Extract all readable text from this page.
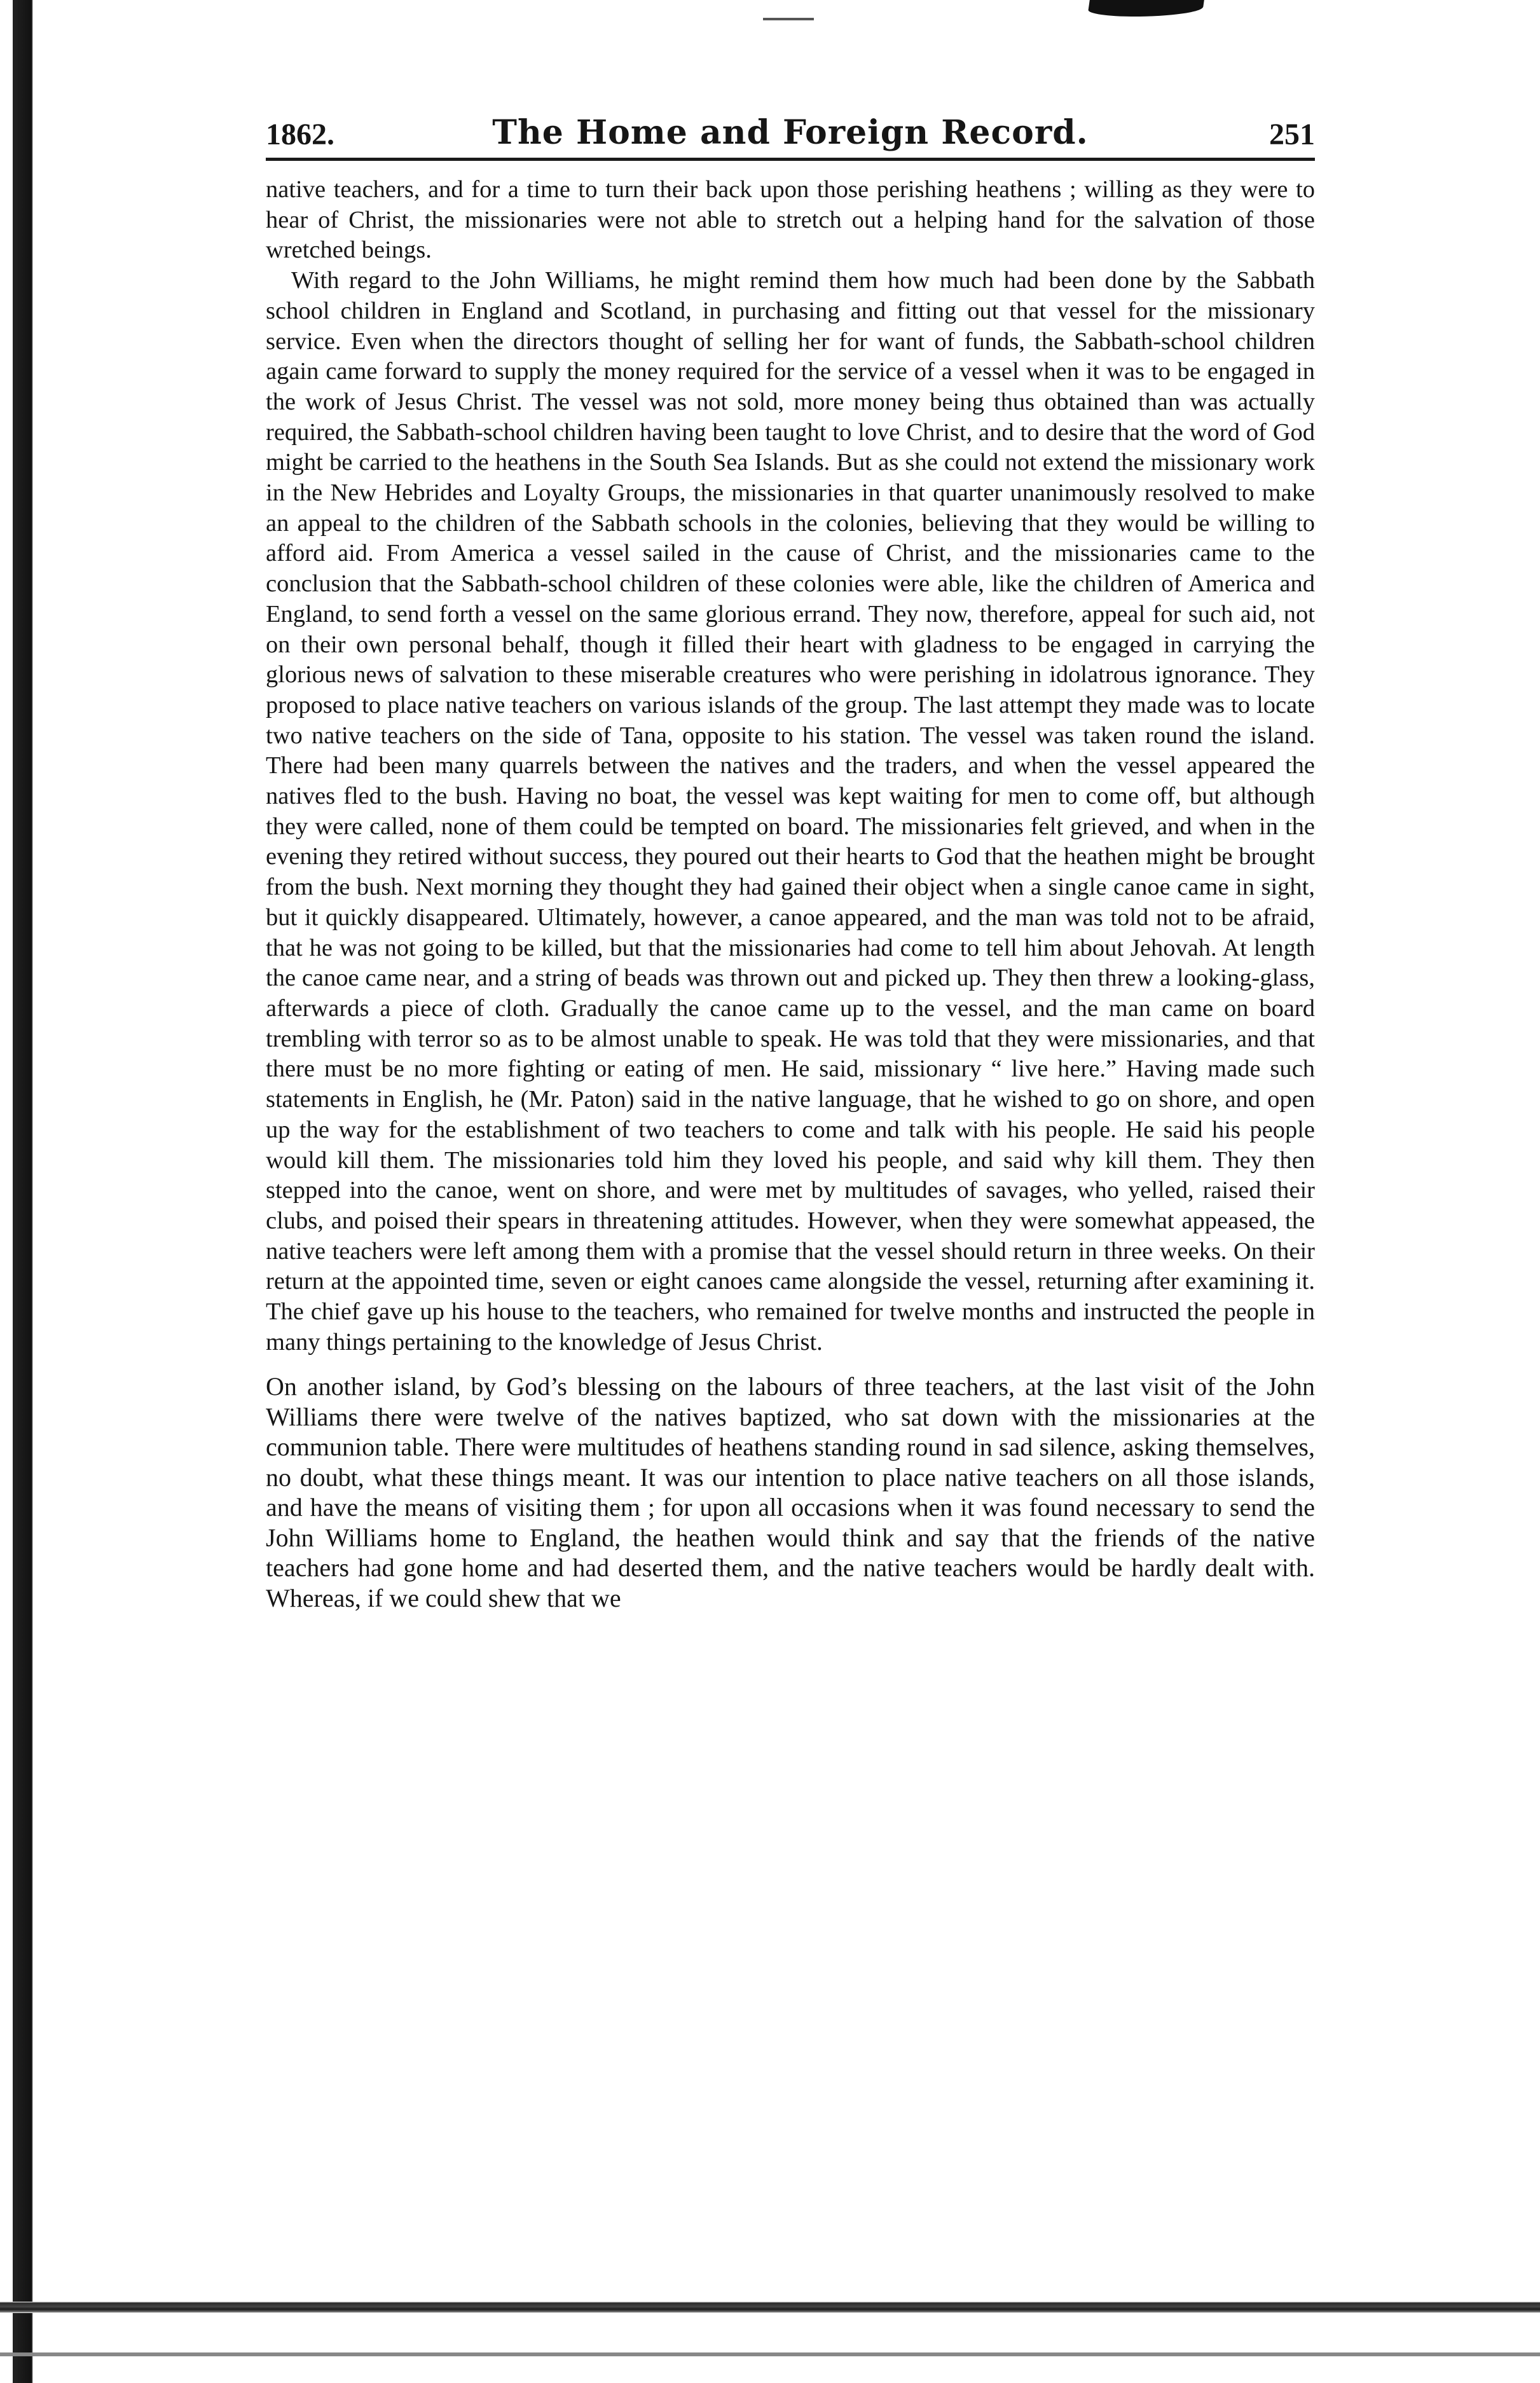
1862.	The Home and Foreign Record.	251

native teachers, and for a time to turn their back upon those perishing heathens ; willing as they were to hear of Christ, the missionaries were not able to stretch out a helping hand for the salvation of those wretched beings.

With regard to the John Williams, he might remind them how much had been done by the Sabbath school children in England and Scotland, in purchasing and fitting out that vessel for the missionary service. Even when the directors thought of selling her for want of funds, the Sabbath-school children again came forward to supply the money required for the service of a vessel when it was to be engaged in the work of Jesus Christ. The vessel was not sold, more money being thus obtained than was actually required, the Sabbath-school children having been taught to love Christ, and to desire that the word of God might be carried to the heathens in the South Sea Islands. But as she could not extend the missionary work in the New Hebrides and Loyalty Groups, the missionaries in that quarter unanimously resolved to make an appeal to the children of the Sabbath schools in the colonies, believing that they would be willing to afford aid. From America a vessel sailed in the cause of Christ, and the missionaries came to the conclusion that the Sabbath-school children of these colonies were able, like the children of America and England, to send forth a vessel on the same glorious errand. They now, therefore, appeal for such aid, not on their own personal behalf, though it filled their heart with gladness to be engaged in carrying the glorious news of salvation to these miserable creatures who were perishing in idolatrous ignorance. They proposed to place native teachers on various islands of the group. The last attempt they made was to locate two native teachers on the side of Tana, opposite to his station. The vessel was taken round the island. There had been many quarrels between the natives and the traders, and when the vessel appeared the natives fled to the bush. Having no boat, the vessel was kept waiting for men to come off, but although they were called, none of them could be tempted on board. The missionaries felt grieved, and when in the evening they retired without success, they poured out their hearts to God that the heathen might be brought from the bush. Next morning they thought they had gained their object when a single canoe came in sight, but it quickly disappeared. Ultimately, however, a canoe appeared, and the man was told not to be afraid, that he was not going to be killed, but that the missionaries had come to tell him about Jehovah. At length the canoe came near, and a string of beads was thrown out and picked up. They then threw a looking-glass, afterwards a piece of cloth. Gradually the canoe came up to the vessel, and the man came on board trembling with terror so as to be almost unable to speak. He was told that they were missionaries, and that there must be no more fighting or eating of men. He said, missionary “ live here.” Having made such statements in English, he (Mr. Paton) said in the native language, that he wished to go on shore, and open up the way for the establishment of two teachers to come and talk with his people. He said his people would kill them. The missionaries told him they loved his people, and said why kill them. They then stepped into the canoe, went on shore, and were met by multitudes of savages, who yelled, raised their clubs, and poised their spears in threatening attitudes. However, when they were somewhat appeased, the native teachers were left among them with a promise that the vessel should return in three weeks. On their return at the appointed time, seven or eight canoes came alongside the vessel, returning after examining it. The chief gave up his house to the teachers, who remained for twelve months and instructed the people in many things pertaining to the knowledge of Jesus Christ.

On another island, by God’s blessing on the labours of three teachers, at the last visit of the John Williams there were twelve of the natives baptized, who sat down with the missionaries at the communion table. There were multitudes of heathens standing round in sad silence, asking themselves, no doubt, what these things meant. It was our intention to place native teachers on all those islands, and have the means of visiting them ; for upon all occasions when it was found necessary to send the John Williams home to England, the heathen would think and say that the friends of the native teachers had gone home and had deserted them, and the native teachers would be hardly dealt with. Whereas, if we could shew that we
